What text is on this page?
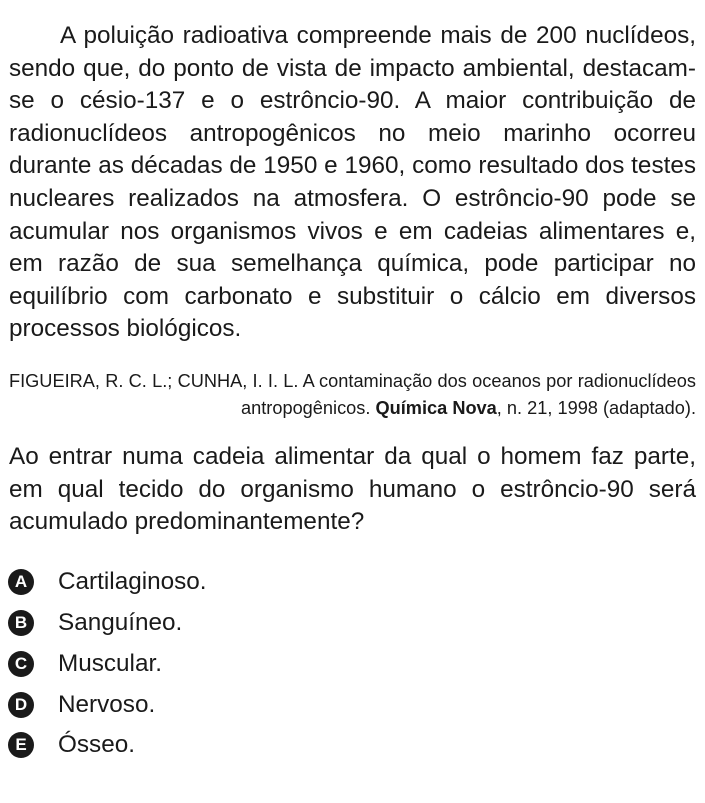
A poluição radioativa compreende mais de 200 nuclídeos, sendo que, do ponto de vista de impacto ambiental, destacam-se o césio-137 e o estrôncio-90. A maior contribuição de radionuclídeos antropogênicos no meio marinho ocorreu durante as décadas de 1950 e 1960, como resultado dos testes nucleares realizados na atmosfera. O estrôncio-90 pode se acumular nos organismos vivos e em cadeias alimentares e, em razão de sua semelhança química, pode participar no equilíbrio com carbonato e substituir o cálcio em diversos processos biológicos.

FIGUEIRA, R. C. L.; CUNHA, I. I. L. A contaminação dos oceanos por radionuclídeos antropogênicos. Química Nova, n. 21, 1998 (adaptado).

Ao entrar numa cadeia alimentar da qual o homem faz parte, em qual tecido do organismo humano o estrôncio-90 será acumulado predominantemente?

A Cartilaginoso.
B Sanguíneo.
C Muscular.
D Nervoso.
E	Ósseo.
